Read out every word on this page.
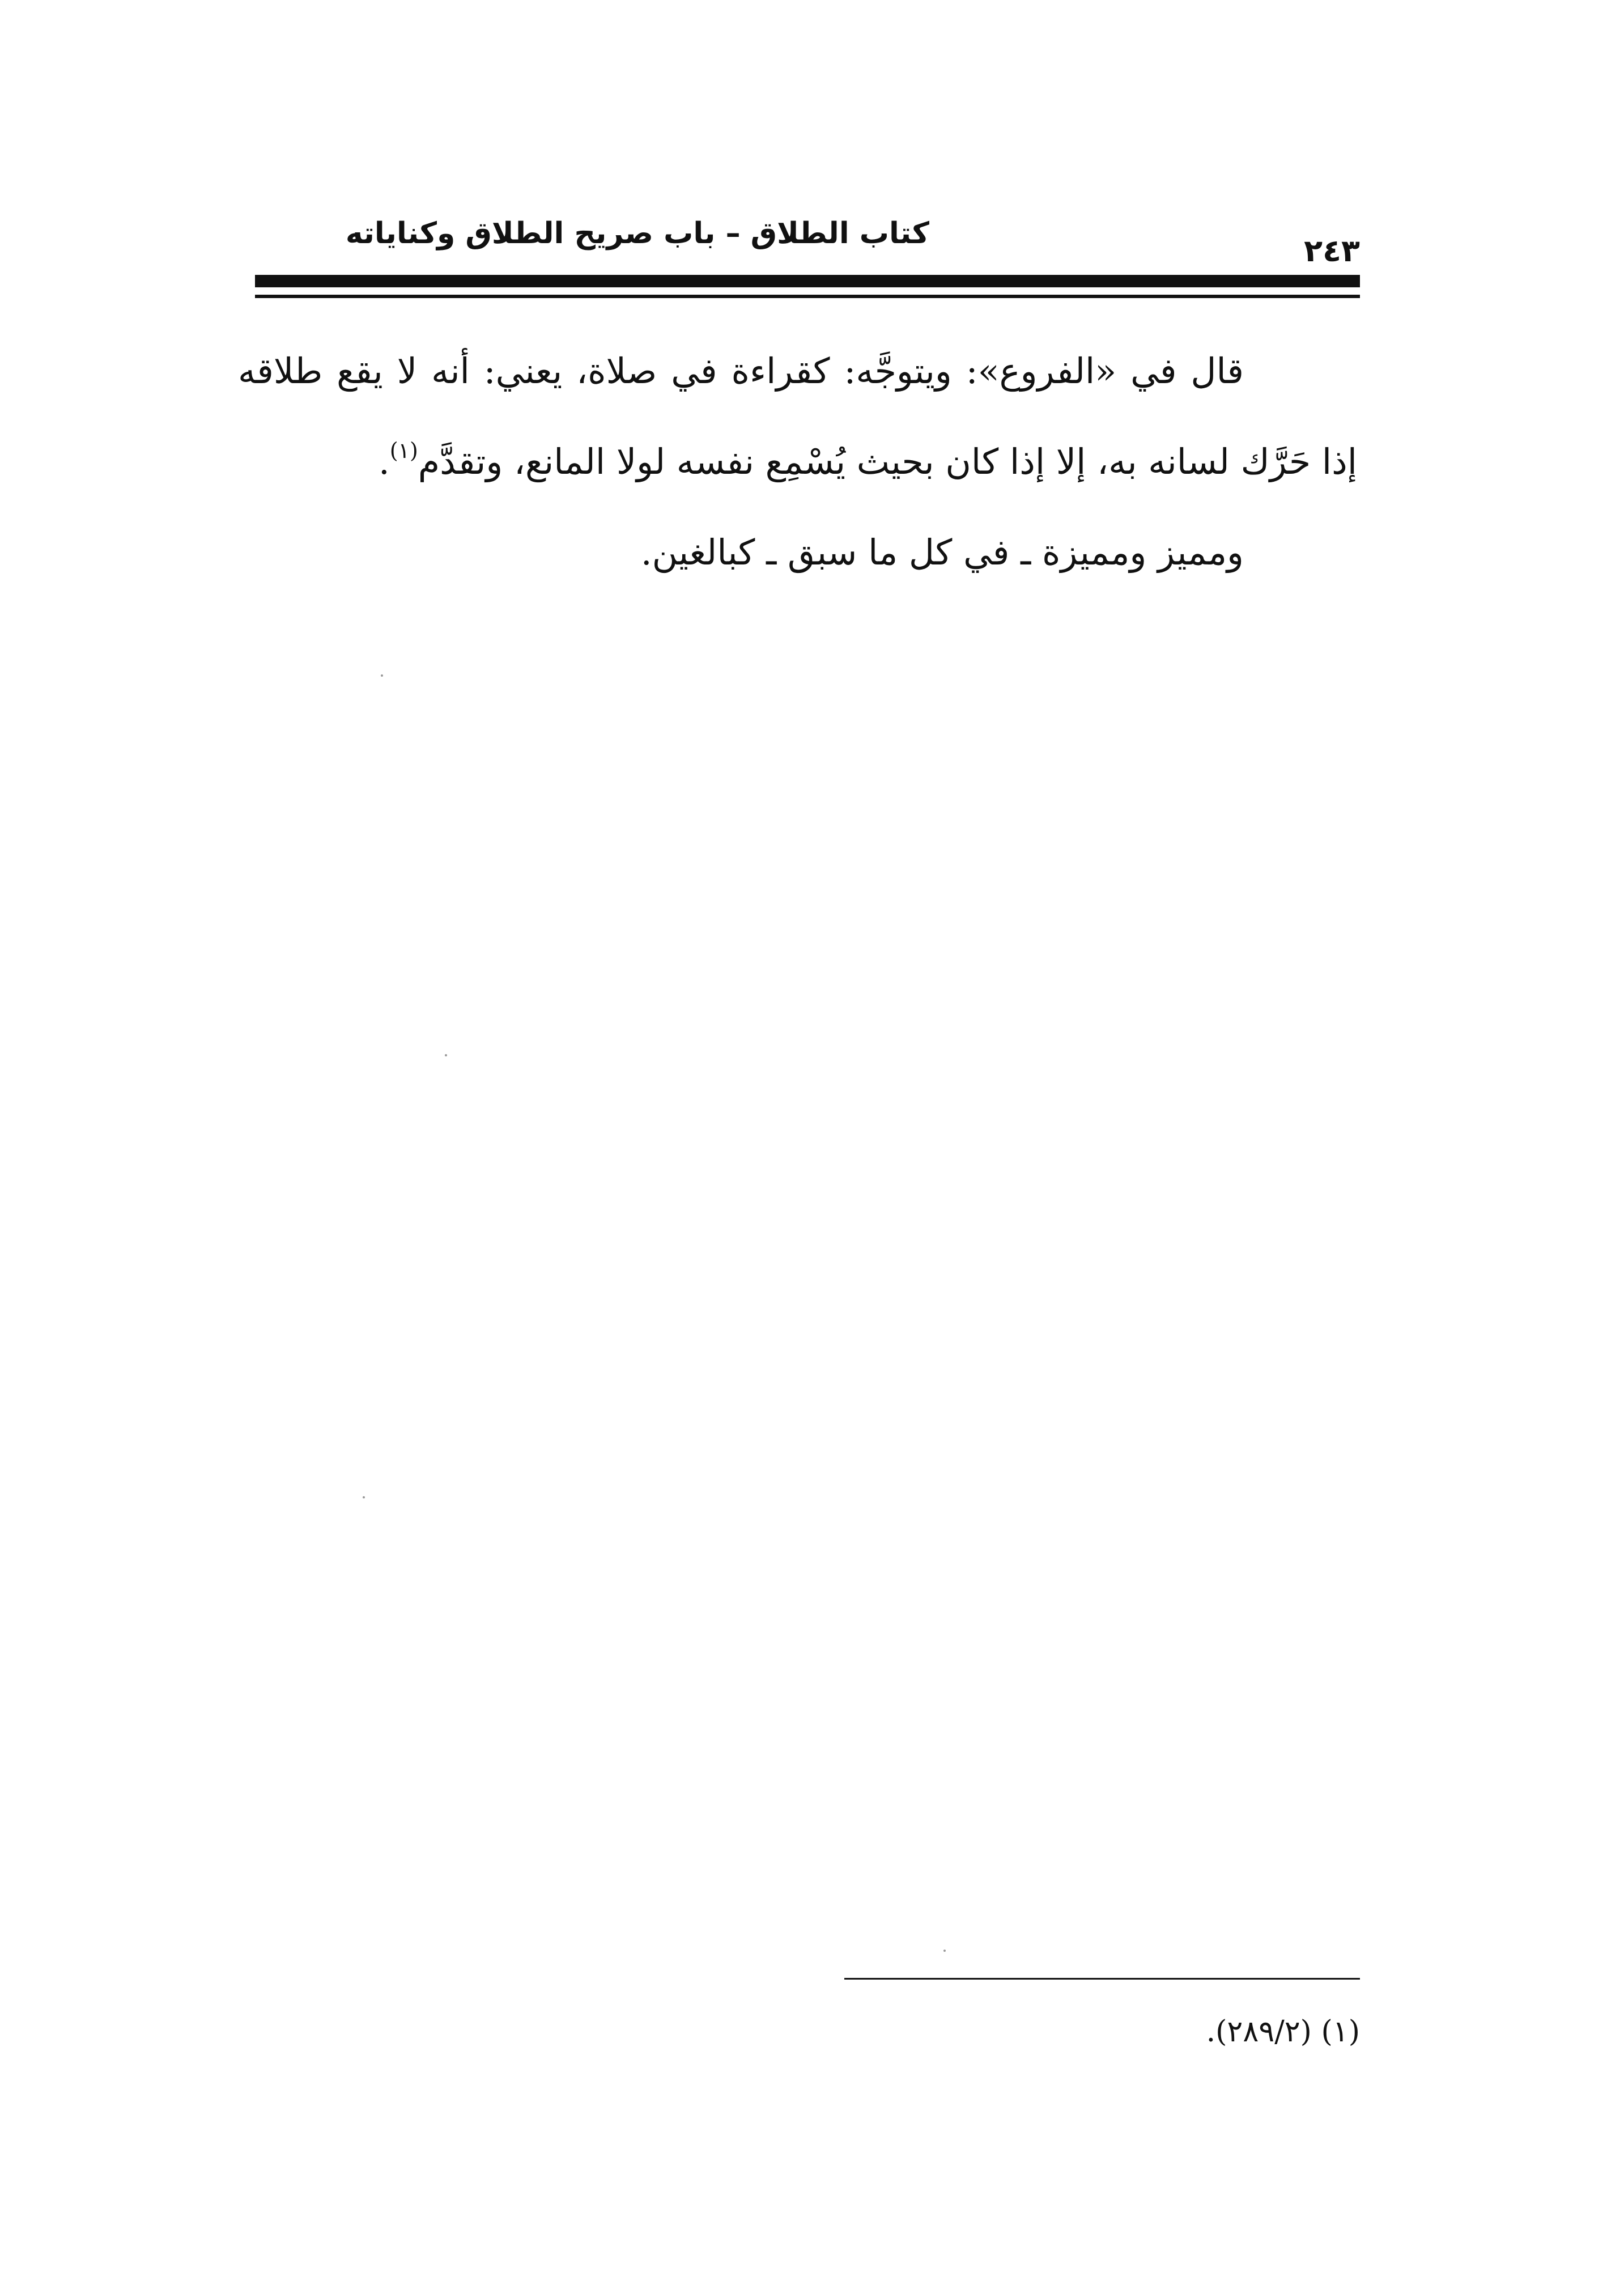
٢٤٣
كتاب الطلاق – باب صريح الطلاق وكناياته

قال في «الفروع»: ويتوجَّه: كقراءة في صلاة، يعني: أنه لا يقع طلاقه إذا حَرَّك لسانه به، إلا إذا كان بحيث يُسْمِع نفسه لولا المانع، وتقدَّم$^{(١)}$.

ومميز ومميزة ـ في كل ما سبق ـ كبالغين.

(١) (٢٨٩/٢).
